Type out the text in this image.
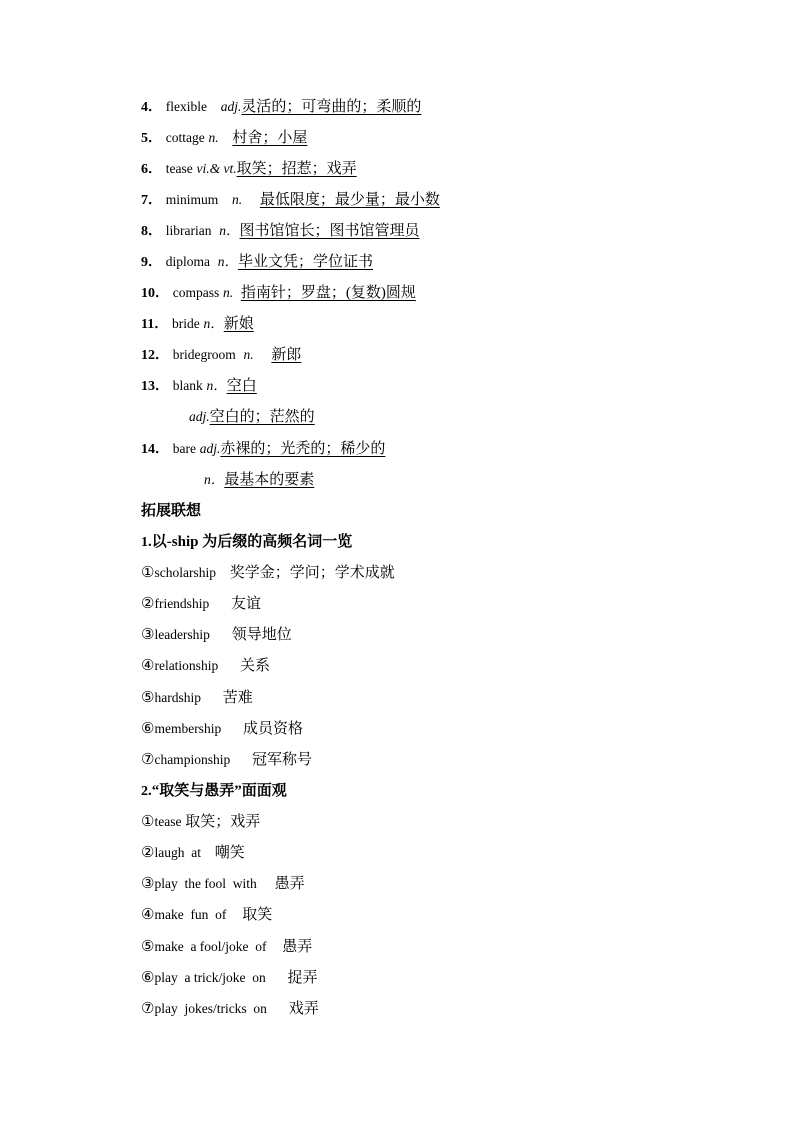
4． flexible adj.灵活的；可弯曲的；柔顺的
5． cottage n. 村舍；小屋
6． tease vi.& vt.取笑；招惹；戏弄
7． minimum n. 最低限度；最少量；最小数
8． librarian n．图书馆馆长；图书馆管理员
9． diploma n．毕业文凭；学位证书
10． compass n. 指南针；罗盘；(复数)圆规
11． bride n．新娘
12． bridegroom n. 新郎
13． blank n．空白
adj.空白的；茫然的
14． bare adj.赤裸的；光秃的；稀少的
n．最基本的要素
拓展联想
1.以-ship 为后缀的高频名词一览
①scholarship 奖学金；学问；学术成就
②friendship 友谊
③leadership 领导地位
④relationship 关系
⑤hardship 苦难
⑥membership 成员资格
⑦championship 冠军称号
2.“取笑与愚弄”面面观
①tease 取笑；戏弄
②laugh  at 嘲笑
③play  the fool  with 愚弄
④make  fun  of 取笑
⑤make  a fool/joke  of 愚弄
⑥play  a trick/joke  on 捉弄
⑦play  jokes/tricks  on 戏弄
